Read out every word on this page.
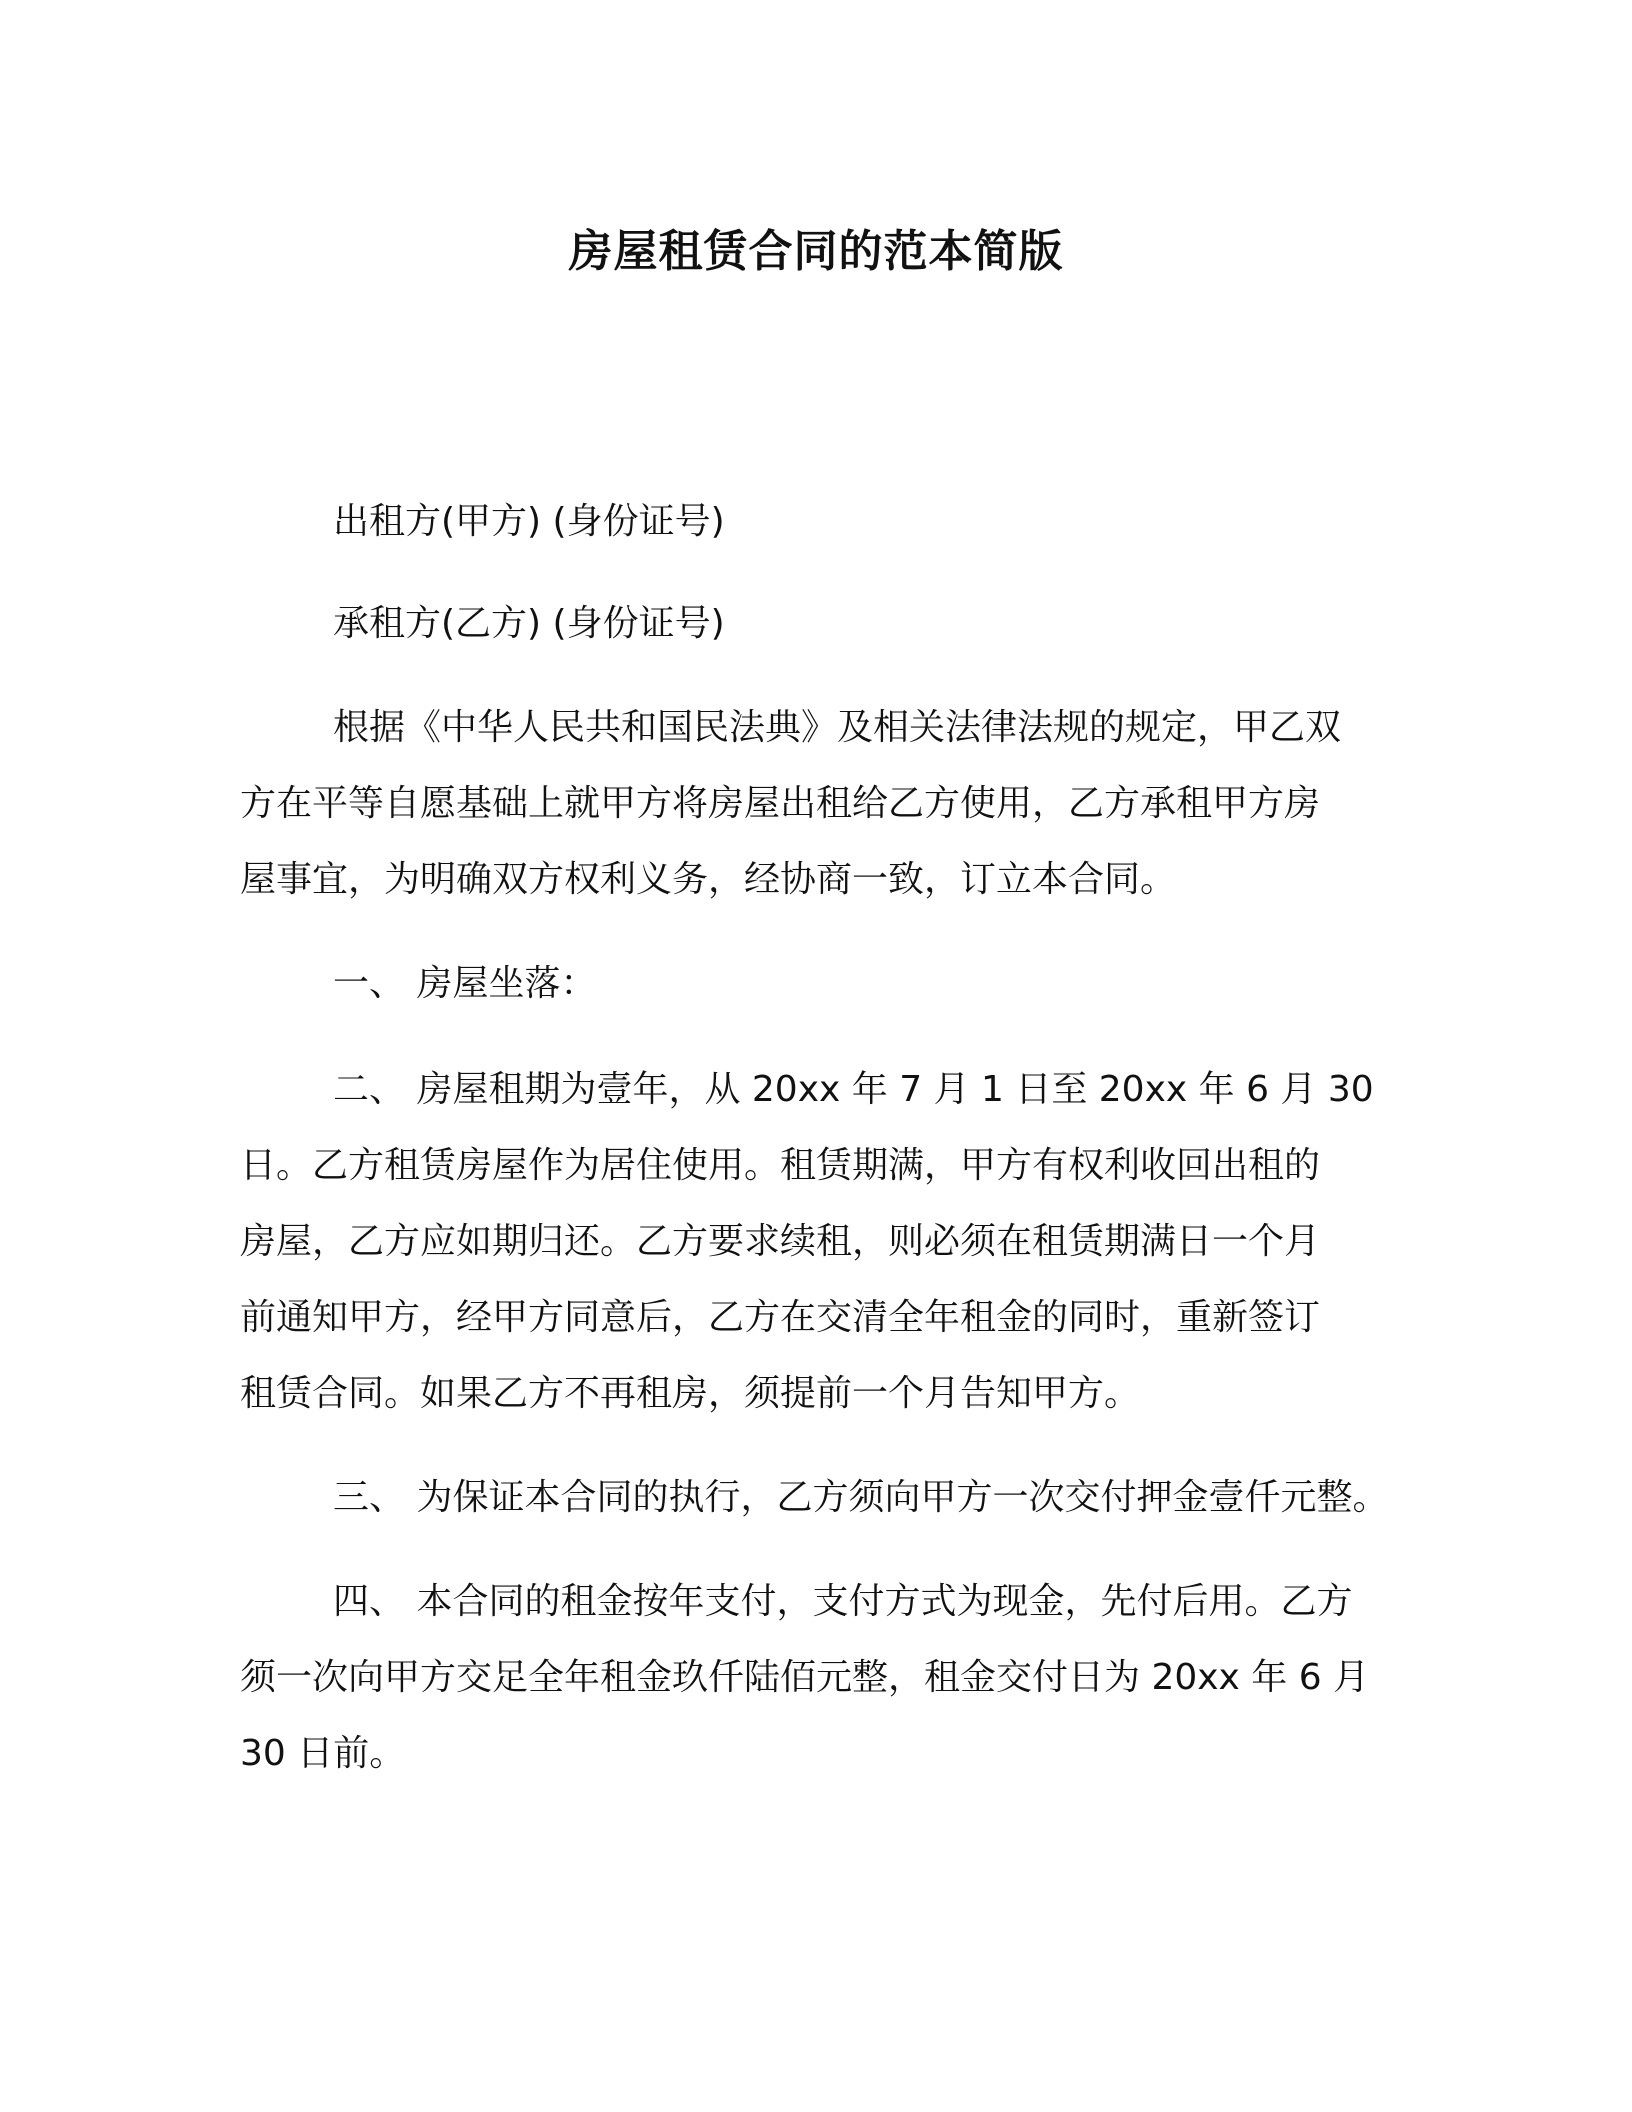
房屋租赁合同的范本简版
出租方(甲方) (身份证号)
承租方(乙方) (身份证号)
根据《中华人民共和国民法典》及相关法律法规的规定，甲乙双
方在平等自愿基础上就甲方将房屋出租给乙方使用，乙方承租甲方房
屋事宜，为明确双方权利义务，经协商一致，订立本合同。
一、 房屋坐落：
二、 房屋租期为壹年，从 20xx 年 7 月 1 日至 20xx 年 6 月 30
日。乙方租赁房屋作为居住使用。租赁期满，甲方有权利收回出租的
房屋，乙方应如期归还。乙方要求续租，则必须在租赁期满日一个月
前通知甲方，经甲方同意后，乙方在交清全年租金的同时，重新签订
租赁合同。如果乙方不再租房，须提前一个月告知甲方。
三、 为保证本合同的执行，乙方须向甲方一次交付押金壹仟元整。
四、 本合同的租金按年支付，支付方式为现金，先付后用。乙方
须一次向甲方交足全年租金玖仟陆佰元整，租金交付日为 20xx 年 6 月
30 日前。
